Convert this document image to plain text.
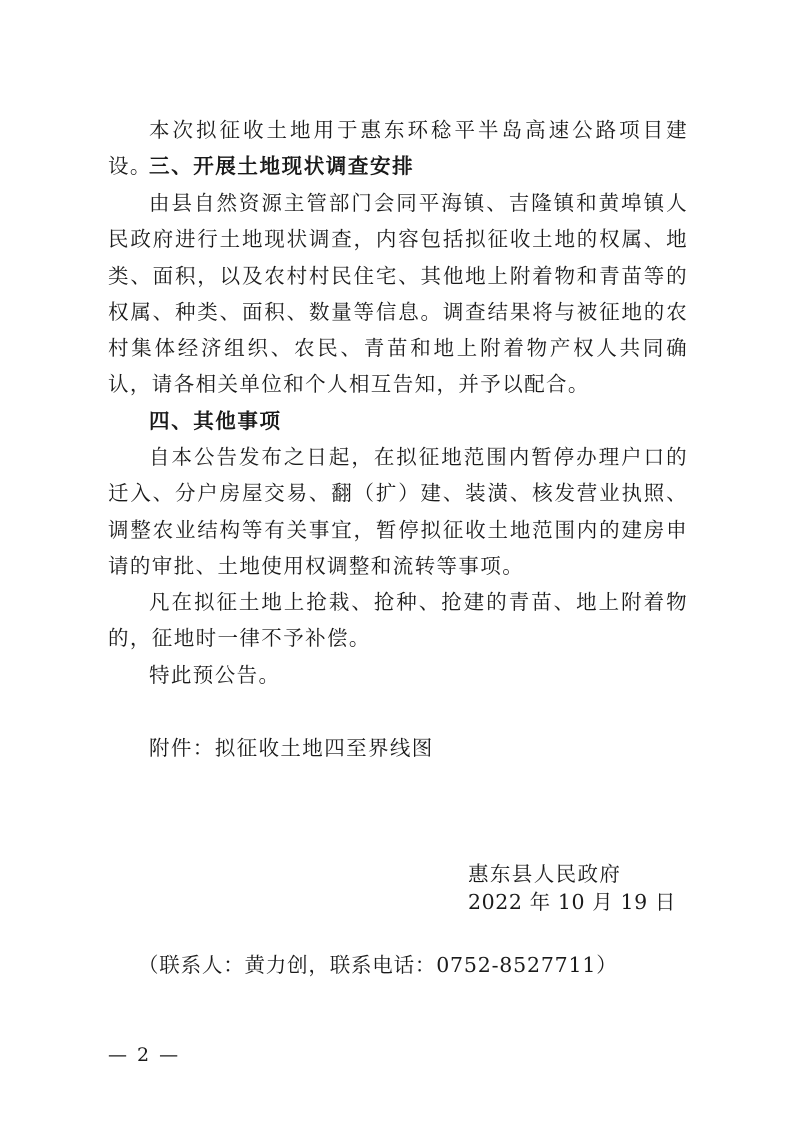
本次拟征收土地用于惠东环稔平半岛高速公路项目建设。

三、开展土地现状调查安排

由县自然资源主管部门会同平海镇、吉隆镇和黄埠镇人民政府进行土地现状调查，内容包括拟征收土地的权属、地类、面积，以及农村村民住宅、其他地上附着物和青苗等的权属、种类、面积、数量等信息。调查结果将与被征地的农村集体经济组织、农民、青苗和地上附着物产权人共同确认，请各相关单位和个人相互告知，并予以配合。

四、其他事项

自本公告发布之日起，在拟征地范围内暂停办理户口的迁入、分户房屋交易、翻（扩）建、装潢、核发营业执照、调整农业结构等有关事宜，暂停拟征收土地范围内的建房申请的审批、土地使用权调整和流转等事项。

凡在拟征土地上抢栽、抢种、抢建的青苗、地上附着物的，征地时一律不予补偿。

特此预公告。

附件：拟征收土地四至界线图

惠东县人民政府

2022 年 10 月 19 日

（联系人：黄力创，联系电话：0752-8527711）

— 2 —
